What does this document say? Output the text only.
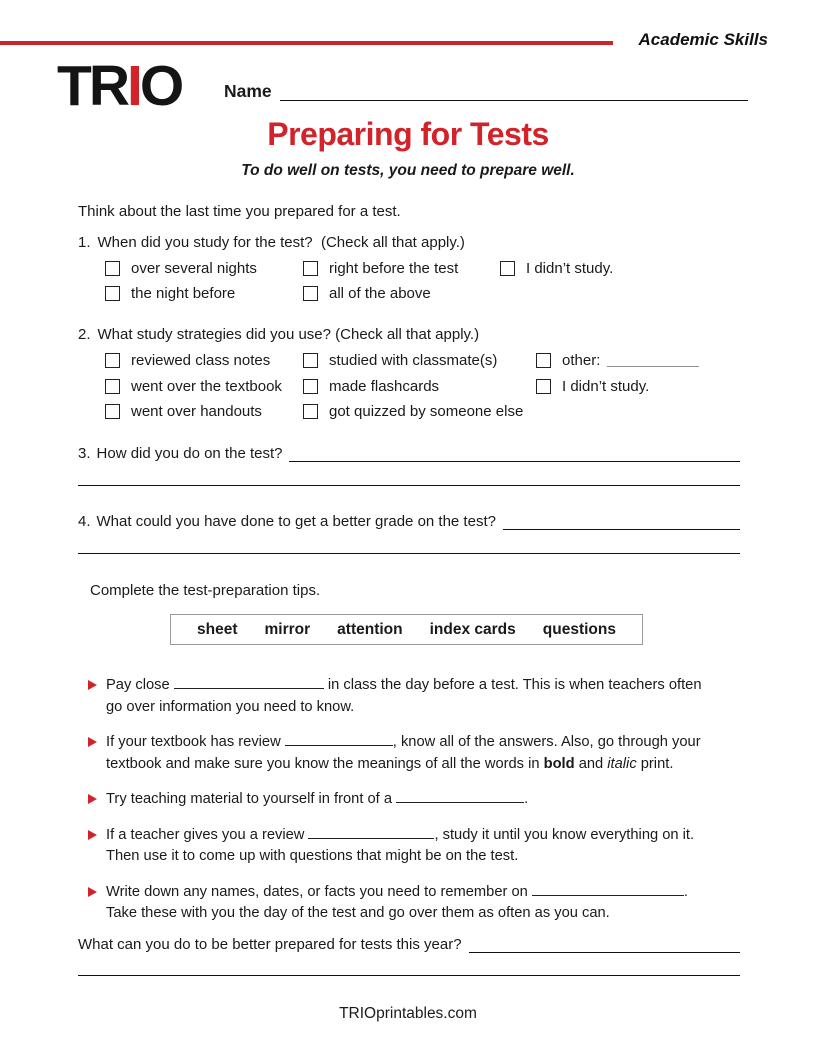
Academic Skills
TRIO Name
Preparing for Tests
To do well on tests, you need to prepare well.
Think about the last time you prepared for a test.
1. When did you study for the test?  (Check all that apply.)
over several nights	right before the test	I didn’t study.
the night before	all of the above
2. What study strategies did you use? (Check all that apply.)
reviewed class notes	studied with classmate(s)	other:
went over the textbook	made flashcards	I didn’t study.
went over handouts	got quizzed by someone else
3. How did you do on the test?
4. What could you have done to get a better grade on the test?
Complete the test-preparation tips.
sheet mirror attention index cards questions
Pay close	in class the day before a test. This is when teachers often
go over information you need to know.
If your textbook has review	, know all of the answers. Also, go through your
textbook and make sure you know the meanings of all the words in bold and italic print.
Try teaching material to yourself in front of a	.
If a teacher gives you a review	, study it until you know everything on it.
Then use it to come up with questions that might be on the test.
Write down any names, dates, or facts you need to remember on	.
Take these with you the day of the test and go over them as often as you can.
What can you do to be better prepared for tests this year?
TRIOprintables.com
